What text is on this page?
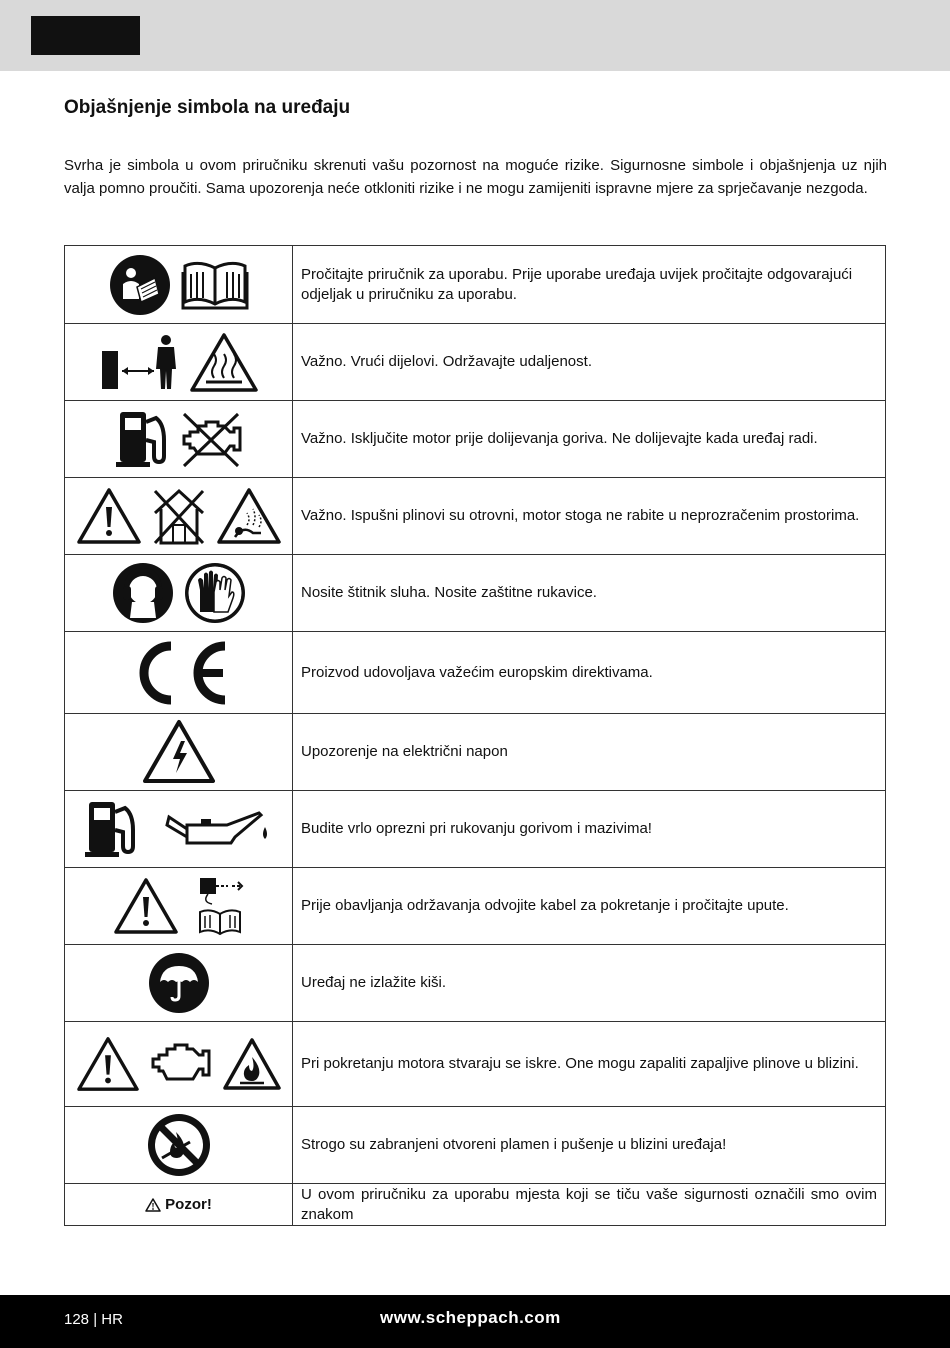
Objašnjenje simbola na uređaju

Svrha je simbola u ovom priručniku skrenuti vašu pozornost na moguće rizike. Sigurnosne simbole i objašnjenja uz njih valja pomno proučiti. Sama upozorenja neće otkloniti rizike i ne mogu zamijeniti ispravne mjere za sprječavanje nezgoda.

	Pročitajte priručnik za uporabu. Prije uporabe uređaja uvijek pročitajte odgovarajući odjeljak u priručniku za uporabu.

	Važno. Vrući dijelovi. Održavajte udaljenost.

	Važno. Isključite motor prije dolijevanja goriva. Ne dolijevajte kada uređaj radi.

	Važno. Ispušni plinovi su otrovni, motor stoga ne rabite u neprozračenim prostorima.

	Nosite štitnik sluha. Nosite zaštitne rukavice.

	Proizvod udovoljava važećim europskim direktivama.

	Upozorenje na električni napon

	Budite vrlo oprezni pri rukovanju gorivom i mazivima!

	Prije obavljanja održavanja odvojite kabel za pokretanje i pročitajte upute.

	Uređaj ne izlažite kiši.

	Pri pokretanju motora stvaraju se iskre. One mogu zapaliti zapaljive plinove u blizini.

	Strogo su zabranjeni otvoreni plamen i pušenje u blizini uređaja!

Pozor!	U ovom priručniku za uporabu mjesta koji se tiču vaše sigurnosti označili smo ovim znakom
128 | HR	www.scheppach.com
